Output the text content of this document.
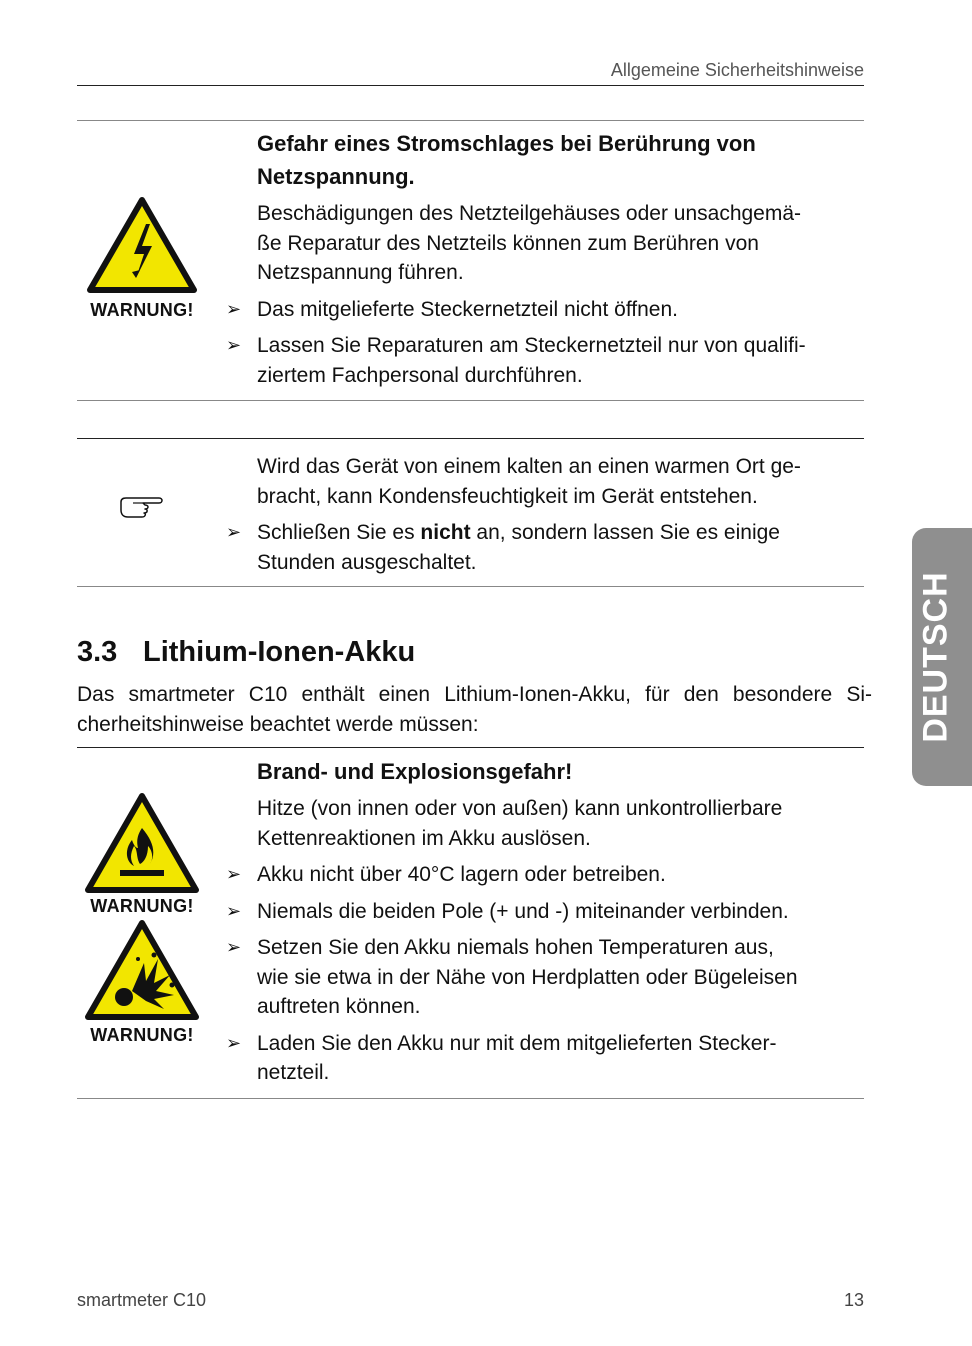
Allgemeine Sicherheitshinweise
WARNUNG!
Gefahr eines Stromschlages bei Berührung von
Netzspannung.
Beschädigungen des Netzteilgehäuses oder unsachgemä-
ße Reparatur des Netzteils können zum Berühren von
Netzspannung führen.
➢ Das mitgelieferte Steckernetzteil nicht öffnen.
➢ Lassen Sie Reparaturen am Steckernetzteil nur von qualifi-
ziertem Fachpersonal durchführen.
Wird das Gerät von einem kalten an einen warmen Ort ge-
bracht, kann Kondensfeuchtigkeit im Gerät entstehen.
➢ Schließen Sie es nicht an, sondern lassen Sie es einige
Stunden ausgeschaltet.
3.3 Lithium-Ionen-Akku
Das smartmeter C10 enthält einen Lithium-Ionen-Akku, für den besondere Si-
cherheitshinweise beachtet werde müssen:
WARNUNG!
WARNUNG!
Brand- und Explosionsgefahr!
Hitze (von innen oder von außen) kann unkontrollierbare
Kettenreaktionen im Akku auslösen.
➢ Akku nicht über 40°C lagern oder betreiben.
➢ Niemals die beiden Pole (+ und -) miteinander verbinden.
➢ Setzen Sie den Akku niemals hohen Temperaturen aus,
wie sie etwa in der Nähe von Herdplatten oder Bügeleisen
auftreten können.
➢ Laden Sie den Akku nur mit dem mitgelieferten Stecker-
netzteil.
DEUTSCH
smartmeter C10	13
